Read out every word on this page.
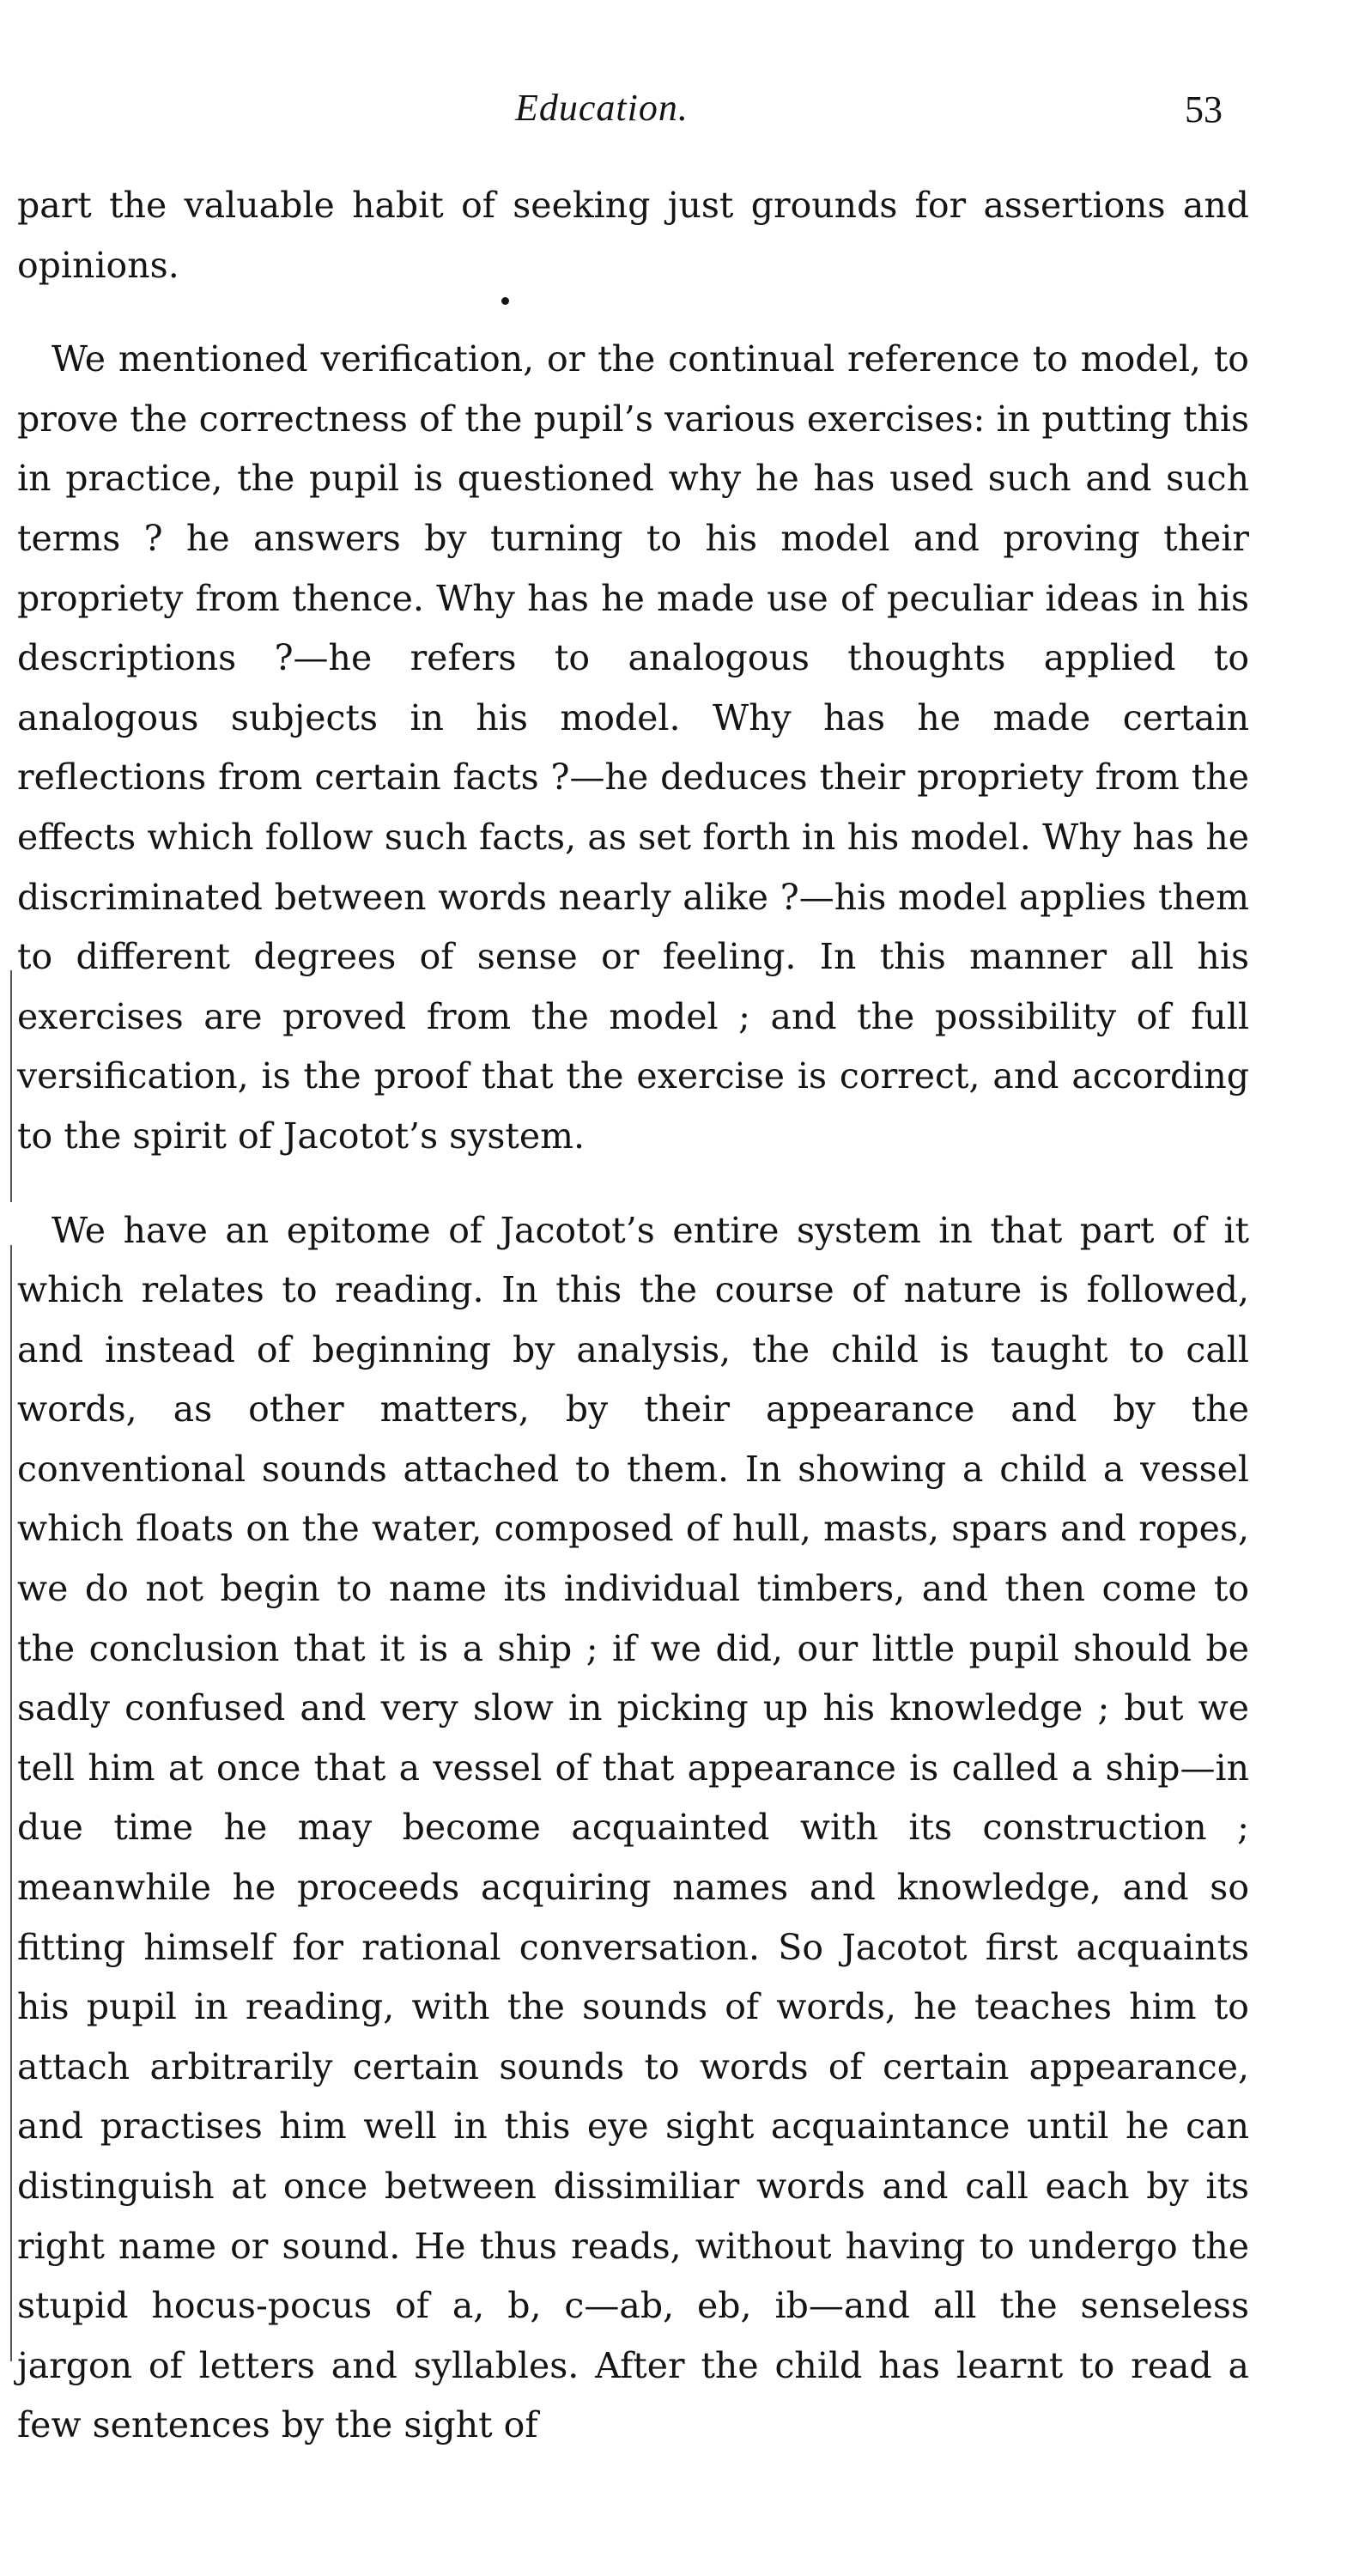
Education.	53

part the valuable habit of seeking just grounds for assertions and opinions.

We mentioned verification, or the continual reference to model, to prove the correctness of the pupil’s various exercises: in putting this in practice, the pupil is questioned why he has used such and such terms ? he answers by turning to his model and proving their propriety from thence. Why has he made use of peculiar ideas in his descriptions ?—he refers to analogous thoughts applied to analogous subjects in his model. Why has he made certain reflections from certain facts ?—he deduces their propriety from the effects which follow such facts, as set forth in his model. Why has he discriminated between words nearly alike ?—his model applies them to different degrees of sense or feeling. In this manner all his exercises are proved from the model ; and the possibility of full versification, is the proof that the exercise is correct, and according to the spirit of Jacotot’s system.

We have an epitome of Jacotot’s entire system in that part of it which relates to reading. In this the course of nature is followed, and instead of beginning by analysis, the child is taught to call words, as other matters, by their appearance and by the conventional sounds attached to them. In showing a child a vessel which floats on the water, composed of hull, masts, spars and ropes, we do not begin to name its individual timbers, and then come to the conclusion that it is a ship ; if we did, our little pupil should be sadly confused and very slow in picking up his knowledge ; but we tell him at once that a vessel of that appearance is called a ship—in due time he may become acquainted with its construction ; meanwhile he proceeds acquiring names and knowledge, and so fitting himself for rational conversation. So Jacotot first acquaints his pupil in reading, with the sounds of words, he teaches him to attach arbitrarily certain sounds to words of certain appearance, and practises him well in this eye sight acquaintance until he can distinguish at once between dissimiliar words and call each by its right name or sound. He thus reads, without having to undergo the stupid hocus-pocus of a, b, c—ab, eb, ib—and all the senseless jargon of letters and syllables. After the child has learnt to read a few sentences by the sight of
